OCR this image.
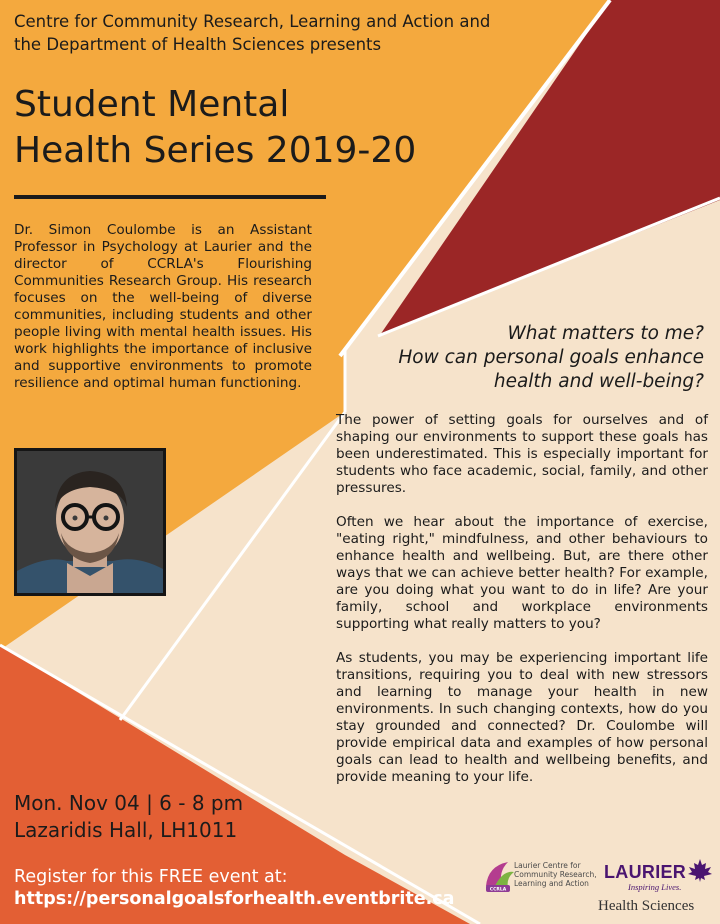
Centre for Community Research, Learning and Action and
the Department of Health Sciences presents
Student Mental
Health Series 2019-20
Dr. Simon Coulombe is an Assistant Professor in Psychology at Laurier and the director of CCRLA's Flourishing Communities Research Group. His research focuses on the well-being of diverse communities, including students and other people living with mental health issues. His work highlights the importance of inclusive and supportive environments to promote resilience and optimal human functioning.
What matters to me?
How can personal goals enhance
health and well-being?

The power of setting goals for ourselves and of shaping our environments to support these goals has been underestimated. This is especially important for students who face academic, social, family, and other pressures.

Often we hear about the importance of exercise, "eating right," mindfulness, and other behaviours to enhance health and wellbeing. But, are there other ways that we can achieve better health? For example, are you doing what you want to do in life? Are your family, school and workplace environments supporting what really matters to you?

As students, you may be experiencing important life transitions, requiring you to deal with new stressors and learning to manage your health in new environments. In such changing contexts, how do you stay grounded and connected? Dr. Coulombe will provide empirical data and examples of how personal goals can lead to health and wellbeing benefits, and provide meaning to your life.

Mon. Nov 04 | 6 - 8 pm
Lazaridis Hall, LH1011
Register for this FREE event at:
https://personalgoalsforhealth.eventbrite.ca	CCRLA
Laurier Centre for Community Research, Learning and Action
LAURIER
Inspiring Lives.
Health Sciences
